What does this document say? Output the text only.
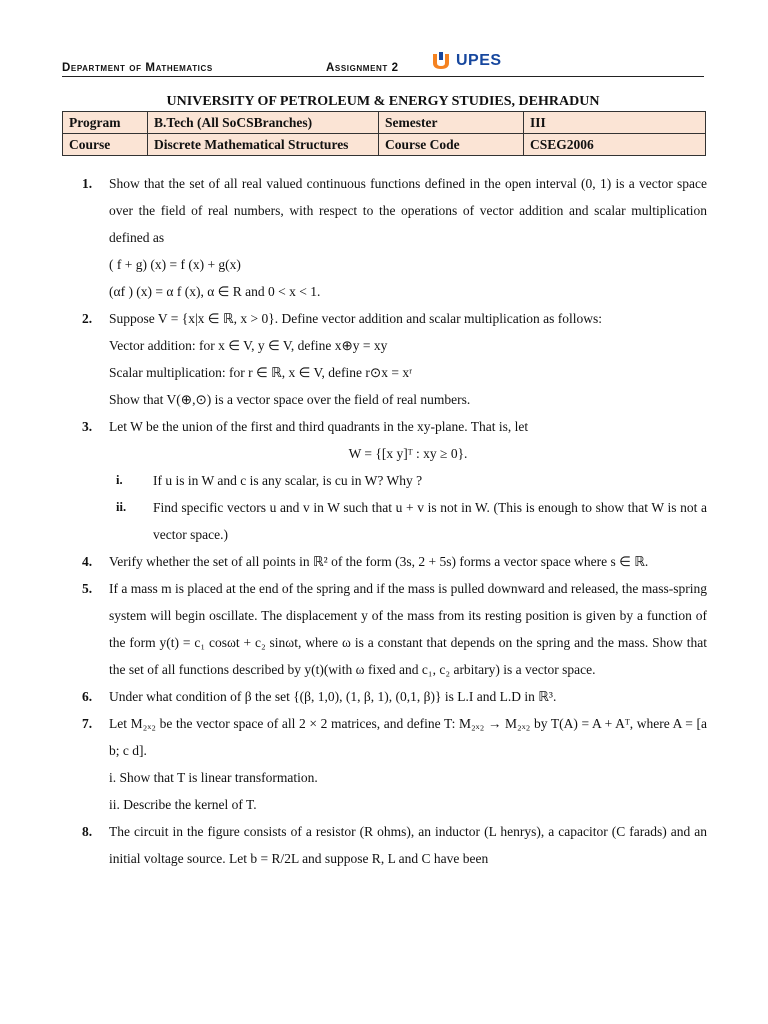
Department of Mathematics	Assignment 2	UPES
UNIVERSITY OF PETROLEUM & ENERGY STUDIES, DEHRADUN
Program	B.Tech (All SoCSBranches)	Semester	III
Course	Discrete Mathematical Structures	Course Code	CSEG2006
1. Show that the set of all real valued continuous functions defined in the open interval (0, 1) is a vector space over the field of real numbers, with respect to the operations of vector addition and scalar multiplication defined as
( f + g) (x) = f (x) + g(x)
(αf ) (x) = α f (x), α ∈ R and 0 < x < 1.
2. Suppose V = {x|x ∈ ℝ, x > 0}. Define vector addition and scalar multiplication as follows:
Vector addition: for x ∈ V, y ∈ V, define x⊕y = xy
Scalar multiplication: for r ∈ ℝ, x ∈ V, define r⊙x = xʳ
Show that V(⊕,⊙) is a vector space over the field of real numbers.
3. Let W be the union of the first and third quadrants in the xy-plane. That is, let
W = {[x y]ᵀ : xy ≥ 0}.
i. If u is in W and c is any scalar, is cu in W? Why ?
ii. Find specific vectors u and v in W such that u + v is not in W. (This is enough to show that W is not a vector space.)
4. Verify whether the set of all points in ℝ² of the form (3s, 2 + 5s) forms a vector space where s ∈ ℝ.
5. If a mass m is placed at the end of the spring and if the mass is pulled downward and released, the mass-spring system will begin oscillate. The displacement y of the mass from its resting position is given by a function of the form y(t) = c₁ cosωt + c₂ sinωt, where ω is a constant that depends on the spring and the mass. Show that the set of all functions described by y(t)(with ω fixed and c₁, c₂ arbitary) is a vector space.
6. Under what condition of β the set {(β, 1,0), (1, β, 1), (0,1, β)} is L.I and L.D in ℝ³.
7. Let M₂ₓ₂ be the vector space of all 2 × 2 matrices, and define T: M₂ₓ₂ → M₂ₓ₂ by T(A) = A + Aᵀ, where A = [a b; c d].
i. Show that T is linear transformation.
ii. Describe the kernel of T.
8. The circuit in the figure consists of a resistor (R ohms), an inductor (L henrys), a capacitor (C farads) and an initial voltage source. Let b = R/2L and suppose R, L and C have been
